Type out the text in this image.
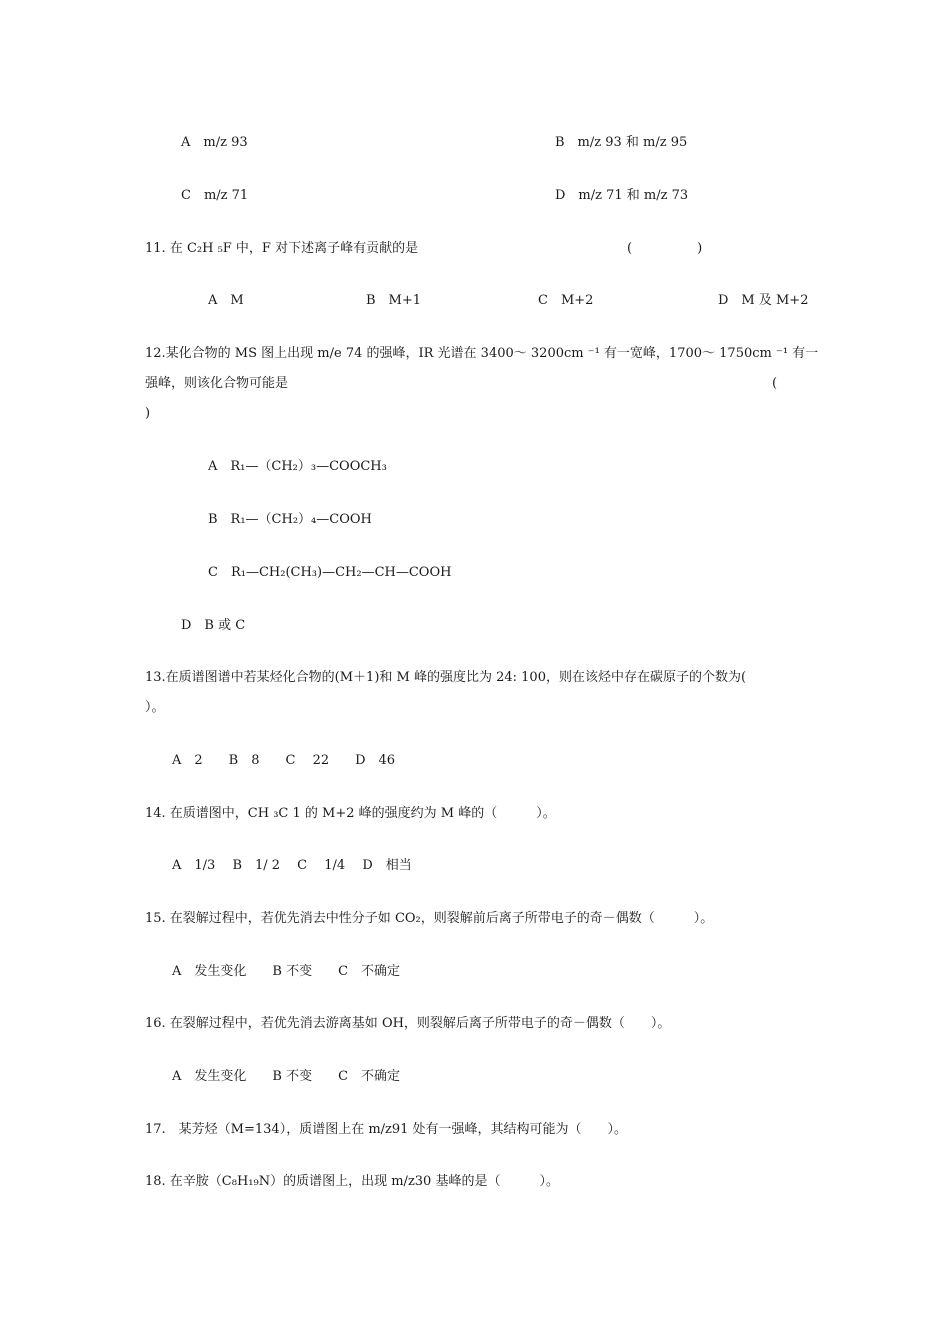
A　m/z 93	B　m/z 93 和 m/z 95
C　m/z 71	D　m/z 71 和 m/z 73
11. 在 C₂H ₅F 中，F 对下述离子峰有贡献的是	(　　　　　)
A　M	B　M+1	C　M+2	D　M 及 M+2
12.某化合物的 MS 图上出现 m/e 74 的强峰，IR 光谱在 3400～ 3200cm ⁻¹ 有一宽峰，1700～ 1750cm ⁻¹ 有一
强峰，则该化合物可能是	(
)
A　R₁—（CH₂）₃—COOCH₃
B　R₁—（CH₂）₄—COOH
C　R₁—CH₂(CH₃)—CH₂—CH—COOH
D　B 或 C
13.在质谱图谱中若某烃化合物的(M＋1)和 M 峰的强度比为 24: 100，则在该烃中存在碳原子的个数为(
）。
A　2　　B　8　　C　 22　　D　46
14. 在质谱图中，CH ₃C 1 的 M+2 峰的强度约为 M 峰的（　　　）。
A　1/3　 B　1/ 2　 C　 1/4　 D　相当
15. 在裂解过程中，若优先消去中性分子如 CO₂，则裂解前后离子所带电子的奇－偶数（　　　）。
A　发生变化　　B 不变　　C　不确定
16. 在裂解过程中，若优先消去游离基如 OH，则裂解后离子所带电子的奇－偶数（　　）。
A　发生变化　　B 不变　　C　不确定
17.　某芳烃（M=134），质谱图上在 m/z91 处有一强峰，其结构可能为（　　）。
18. 在辛胺（C₈H₁₉N）的质谱图上，出现 m/z30 基峰的是（　　　）。
